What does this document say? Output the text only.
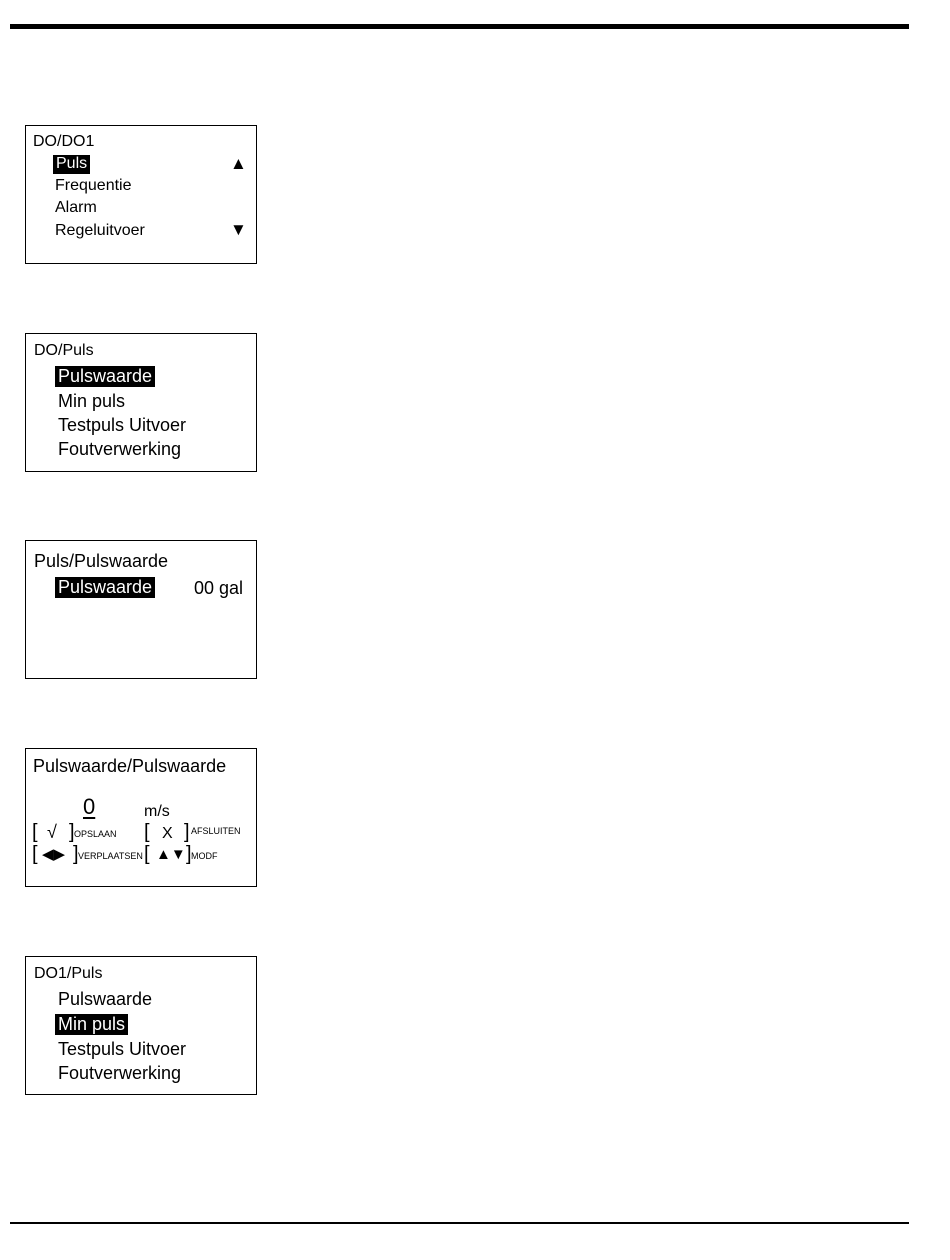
DO/DO1
Puls
Frequentie
Alarm
Regeluitvoer
▲
▼
DO/Puls
Pulswaarde
Min puls
Testpuls Uitvoer
Foutverwerking
Puls/Pulswaarde
Pulswaarde 00 gal
Pulswaarde/Pulswaarde
0	m/s
[ √ ] OPSLAAN [ X ] AFSLUITEN
[ ◀▶ ] VERPLAATSEN [ ▲▼ ] MODF
DO1/Puls
Pulswaarde
Min puls
Testpuls Uitvoer
Foutverwerking
